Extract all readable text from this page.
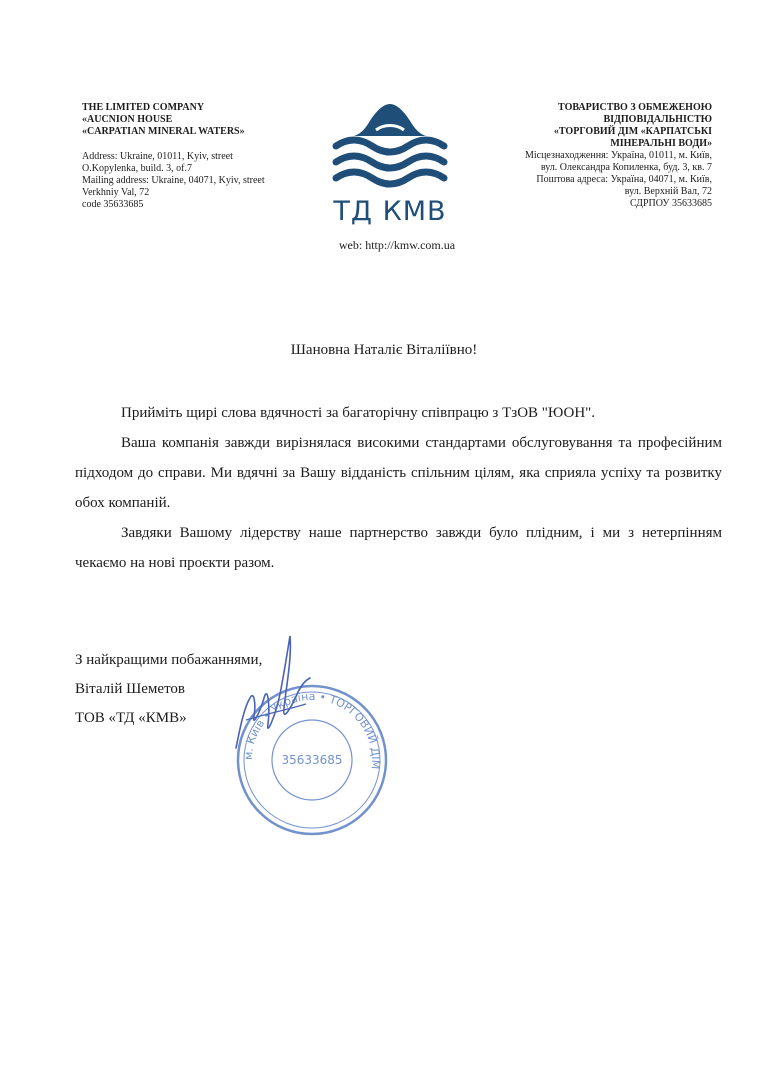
THE LIMITED COMPANY
«AUCNION HOUSE
«CARPATIAN MINERAL WATERS»
Address: Ukraine, 01011, Kyiv, street
O.Kopylenka, build. 3, of.7
Mailing address: Ukraine, 04071, Kyiv, street
Verkhniy Val, 72
code 35633685	ТД КМВ
ТОВАРИСТВО З ОБМЕЖЕНОЮ
ВІДПОВІДАЛЬНІСТЮ
«ТОРГОВИЙ ДІМ «КАРПАТСЬКІ
МІНЕРАЛЬНІ ВОДИ»
Місцезнаходження: Україна, 01011, м. Київ,
вул. Олександра Копиленка, буд. 3, кв. 7
Поштова адреса: Україна, 04071, м. Київ,
вул. Верхній Вал, 72
СДРПОУ 35633685
web: http://kmw.com.ua
Шановна Наталіє Віталіївно!

Прийміть щирі слова вдячності за багаторічну співпрацю з ТзОВ "ЮОН".

Ваша компанія завжди вирізнялася високими стандартами обслуговування та професійним підходом до справи. Ми вдячні за Вашу відданість спільним цілям, яка сприяла успіху та розвитку обох компаній.

Завдяки Вашому лідерству наше партнерство завжди було плідним, і ми з нетерпінням чекаємо на нові проєкти разом.

З найкращими побажаннями,
Віталій Шеметов
ТОВ «ТД «КМВ»
м. Київ • Україна • ТОРГОВИЙ ДІМ
35633685
